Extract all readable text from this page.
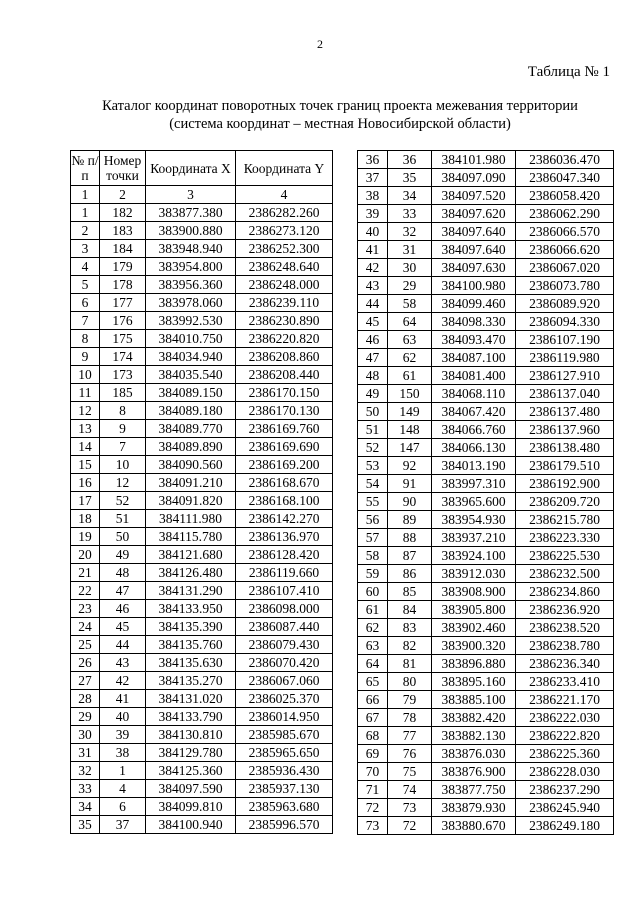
2
Таблица № 1
Каталог координат поворотных точек границ проекта межевания территории
(система координат – местная Новосибирской области)
№ п/п	Номер точки	Координата X	Координата Y
1	2	3	4
1	182	383877.380	2386282.260
2	183	383900.880	2386273.120
3	184	383948.940	2386252.300
4	179	383954.800	2386248.640
5	178	383956.360	2386248.000
6	177	383978.060	2386239.110
7	176	383992.530	2386230.890
8	175	384010.750	2386220.820
9	174	384034.940	2386208.860
10	173	384035.540	2386208.440
11	185	384089.150	2386170.150
12	8	384089.180	2386170.130
13	9	384089.770	2386169.760
14	7	384089.890	2386169.690
15	10	384090.560	2386169.200
16	12	384091.210	2386168.670
17	52	384091.820	2386168.100
18	51	384111.980	2386142.270
19	50	384115.780	2386136.970
20	49	384121.680	2386128.420
21	48	384126.480	2386119.660
22	47	384131.290	2386107.410
23	46	384133.950	2386098.000
24	45	384135.390	2386087.440
25	44	384135.760	2386079.430
26	43	384135.630	2386070.420
27	42	384135.270	2386067.060
28	41	384131.020	2386025.370
29	40	384133.790	2386014.950
30	39	384130.810	2385985.670
31	38	384129.780	2385965.650
32	1	384125.360	2385936.430
33	4	384097.590	2385937.130
34	6	384099.810	2385963.680
35	37	384100.940	2385996.570
36	36	384101.980	2386036.470
37	35	384097.090	2386047.340
38	34	384097.520	2386058.420
39	33	384097.620	2386062.290
40	32	384097.640	2386066.570
41	31	384097.640	2386066.620
42	30	384097.630	2386067.020
43	29	384100.980	2386073.780
44	58	384099.460	2386089.920
45	64	384098.330	2386094.330
46	63	384093.470	2386107.190
47	62	384087.100	2386119.980
48	61	384081.400	2386127.910
49	150	384068.110	2386137.040
50	149	384067.420	2386137.480
51	148	384066.760	2386137.960
52	147	384066.130	2386138.480
53	92	384013.190	2386179.510
54	91	383997.310	2386192.900
55	90	383965.600	2386209.720
56	89	383954.930	2386215.780
57	88	383937.210	2386223.330
58	87	383924.100	2386225.530
59	86	383912.030	2386232.500
60	85	383908.900	2386234.860
61	84	383905.800	2386236.920
62	83	383902.460	2386238.520
63	82	383900.320	2386238.780
64	81	383896.880	2386236.340
65	80	383895.160	2386233.410
66	79	383885.100	2386221.170
67	78	383882.420	2386222.030
68	77	383882.130	2386222.820
69	76	383876.030	2386225.360
70	75	383876.900	2386228.030
71	74	383877.750	2386237.290
72	73	383879.930	2386245.940
73	72	383880.670	2386249.180
